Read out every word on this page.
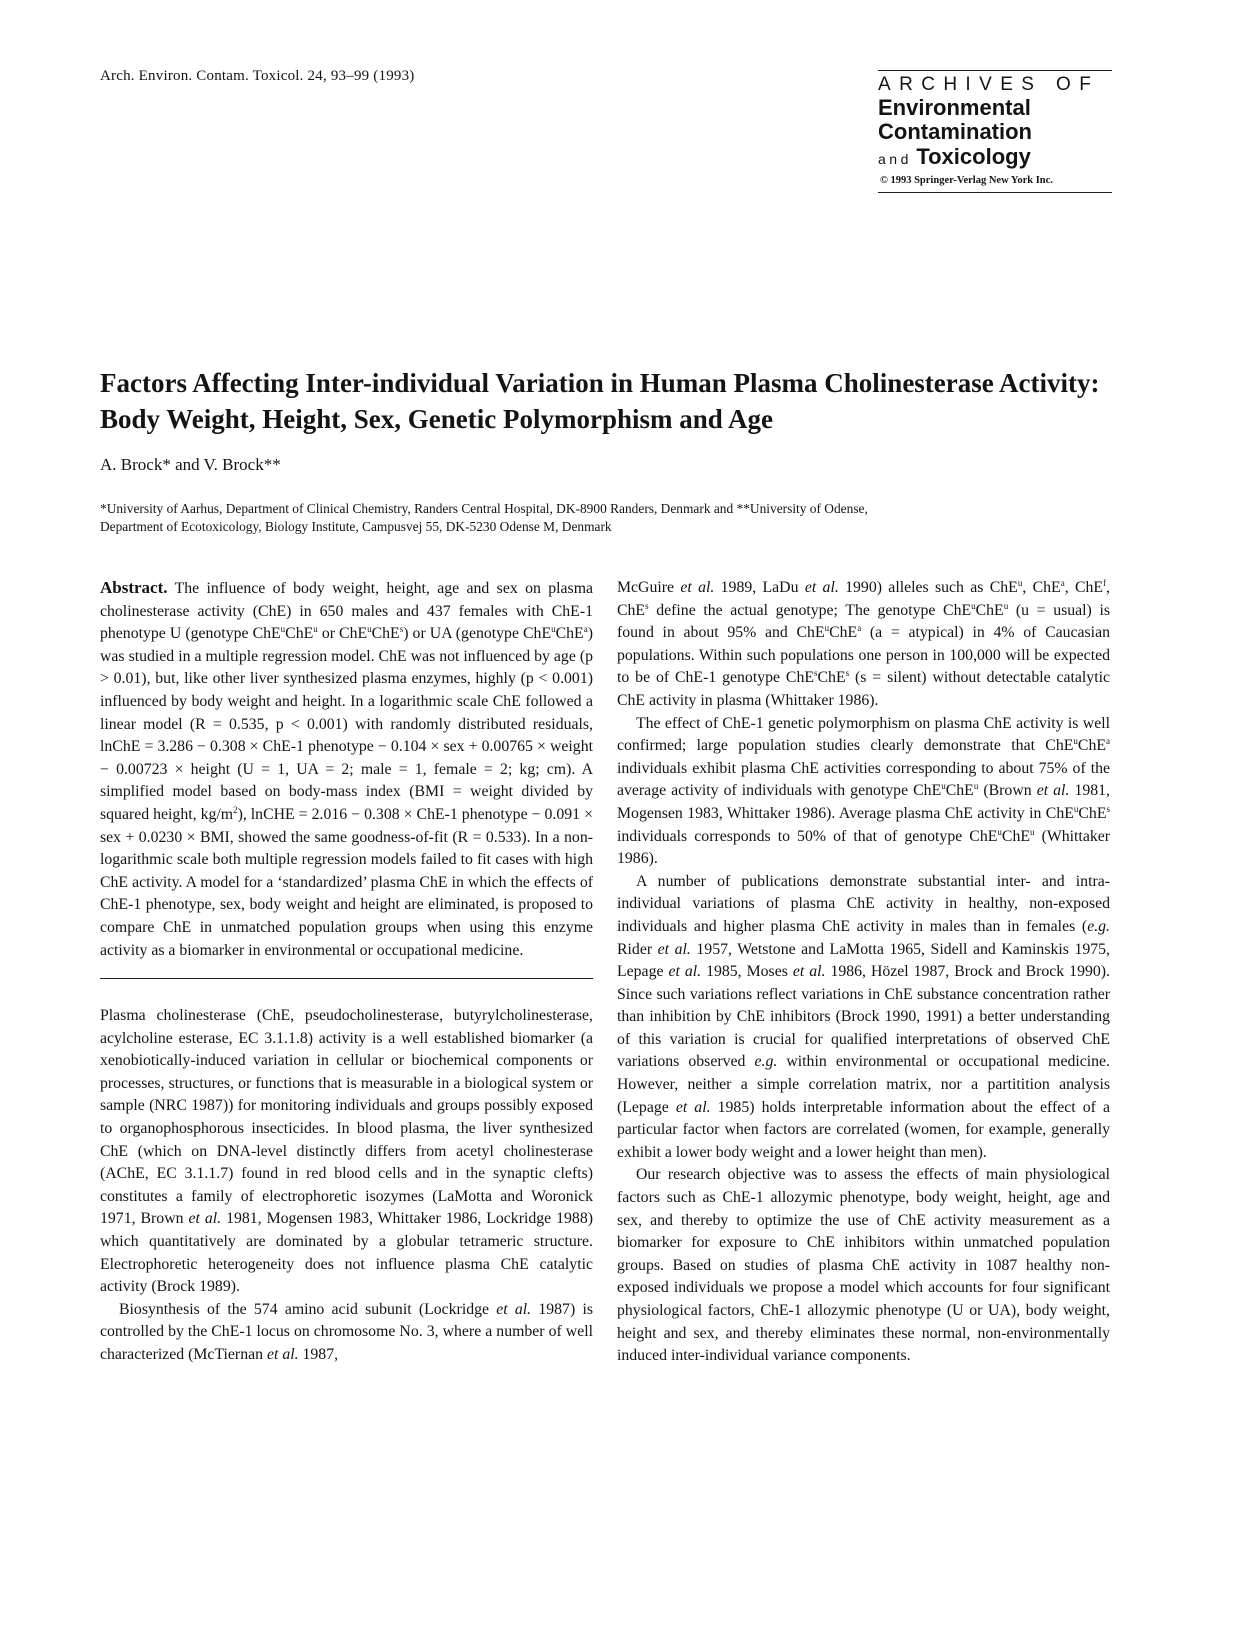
Arch. Environ. Contam. Toxicol. 24, 93–99 (1993)	ARCHIVES OF
Environmental
Contamination
and Toxicology
© 1993 Springer-Verlag New York Inc.
Factors Affecting Inter-individual Variation in Human Plasma Cholinesterase Activity: Body Weight, Height, Sex, Genetic Polymorphism and Age
A. Brock* and V. Brock**
*University of Aarhus, Department of Clinical Chemistry, Randers Central Hospital, DK-8900 Randers, Denmark and **University of Odense,
Department of Ecotoxicology, Biology Institute, Campusvej 55, DK-5230 Odense M, Denmark

Abstract. The influence of body weight, height, age and sex on plasma cholinesterase activity (ChE) in 650 males and 437 females with ChE-1 phenotype U (genotype ChE$^u$ChE$^u$ or ChE$^u$ChE$^s$) or UA (genotype ChE$^u$ChE$^a$) was studied in a multiple regression model. ChE was not influenced by age (p > 0.01), but, like other liver synthesized plasma enzymes, highly (p < 0.001) influenced by body weight and height. In a logarithmic scale ChE followed a linear model (R = 0.535, p < 0.001) with randomly distributed residuals, lnChE = 3.286 − 0.308 × ChE-1 phenotype − 0.104 × sex + 0.00765 × weight − 0.00723 × height (U = 1, UA = 2; male = 1, female = 2; kg; cm). A simplified model based on body-mass index (BMI = weight divided by squared height, $kg/m^2$), lnCHE = 2.016 − 0.308 × ChE-1 phenotype − 0.091 × sex + 0.0230 × BMI, showed the same goodness-of-fit (R = 0.533). In a non-logarithmic scale both multiple regression models failed to fit cases with high ChE activity. A model for a ‘standardized’ plasma ChE in which the effects of ChE-1 phenotype, sex, body weight and height are eliminated, is proposed to compare ChE in unmatched population groups when using this enzyme activity as a biomarker in environmental or occupational medicine.

Plasma cholinesterase (ChE, pseudocholinesterase, butyrylcholinesterase, acylcholine esterase, EC 3.1.1.8) activity is a well established biomarker (a xenobiotically-induced variation in cellular or biochemical components or processes, structures, or functions that is measurable in a biological system or sample (NRC 1987)) for monitoring individuals and groups possibly exposed to organophosphorous insecticides. In blood plasma, the liver synthesized ChE (which on DNA-level distinctly differs from acetyl cholinesterase (AChE, EC 3.1.1.7) found in red blood cells and in the synaptic clefts) constitutes a family of electrophoretic isozymes (LaMotta and Woronick 1971, Brown et al. 1981, Mogensen 1983, Whittaker 1986, Lockridge 1988) which quantitatively are dominated by a globular tetrameric structure. Electrophoretic heterogeneity does not influence plasma ChE catalytic activity (Brock 1989).

Biosynthesis of the 574 amino acid subunit (Lockridge et al. 1987) is controlled by the ChE-1 locus on chromosome No. 3, where a number of well characterized (McTiernan et al. 1987,

McGuire et al. 1989, LaDu et al. 1990) alleles such as ChE$^u$, ChE$^a$, ChE$^f$, ChE$^s$ define the actual genotype; The genotype ChE$^u$ChE$^u$ (u = usual) is found in about 95% and ChE$^u$ChE$^a$ (a = atypical) in 4% of Caucasian populations. Within such populations one person in 100,000 will be expected to be of ChE-1 genotype ChE$^s$ChE$^s$ (s = silent) without detectable catalytic ChE activity in plasma (Whittaker 1986).

The effect of ChE-1 genetic polymorphism on plasma ChE activity is well confirmed; large population studies clearly demonstrate that ChE$^u$ChE$^a$ individuals exhibit plasma ChE activities corresponding to about 75% of the average activity of individuals with genotype ChE$^u$ChE$^u$ (Brown et al. 1981, Mogensen 1983, Whittaker 1986). Average plasma ChE activity in ChE$^u$ChE$^s$ individuals corresponds to 50% of that of genotype ChE$^u$ChE$^u$ (Whittaker 1986).

A number of publications demonstrate substantial inter- and intra-individual variations of plasma ChE activity in healthy, non-exposed individuals and higher plasma ChE activity in males than in females (e.g. Rider et al. 1957, Wetstone and LaMotta 1965, Sidell and Kaminskis 1975, Lepage et al. 1985, Moses et al. 1986, Hözel 1987, Brock and Brock 1990). Since such variations reflect variations in ChE substance concentration rather than inhibition by ChE inhibitors (Brock 1990, 1991) a better understanding of this variation is crucial for qualified interpretations of observed ChE variations observed e.g. within environmental or occupational medicine. However, neither a simple correlation matrix, nor a partitition analysis (Lepage et al. 1985) holds interpretable information about the effect of a particular factor when factors are correlated (women, for example, generally exhibit a lower body weight and a lower height than men).

Our research objective was to assess the effects of main physiological factors such as ChE-1 allozymic phenotype, body weight, height, age and sex, and thereby to optimize the use of ChE activity measurement as a biomarker for exposure to ChE inhibitors within unmatched population groups. Based on studies of plasma ChE activity in 1087 healthy non-exposed individuals we propose a model which accounts for four significant physiological factors, ChE-1 allozymic phenotype (U or UA), body weight, height and sex, and thereby eliminates these normal, non-environmentally induced inter-individual variance components.
